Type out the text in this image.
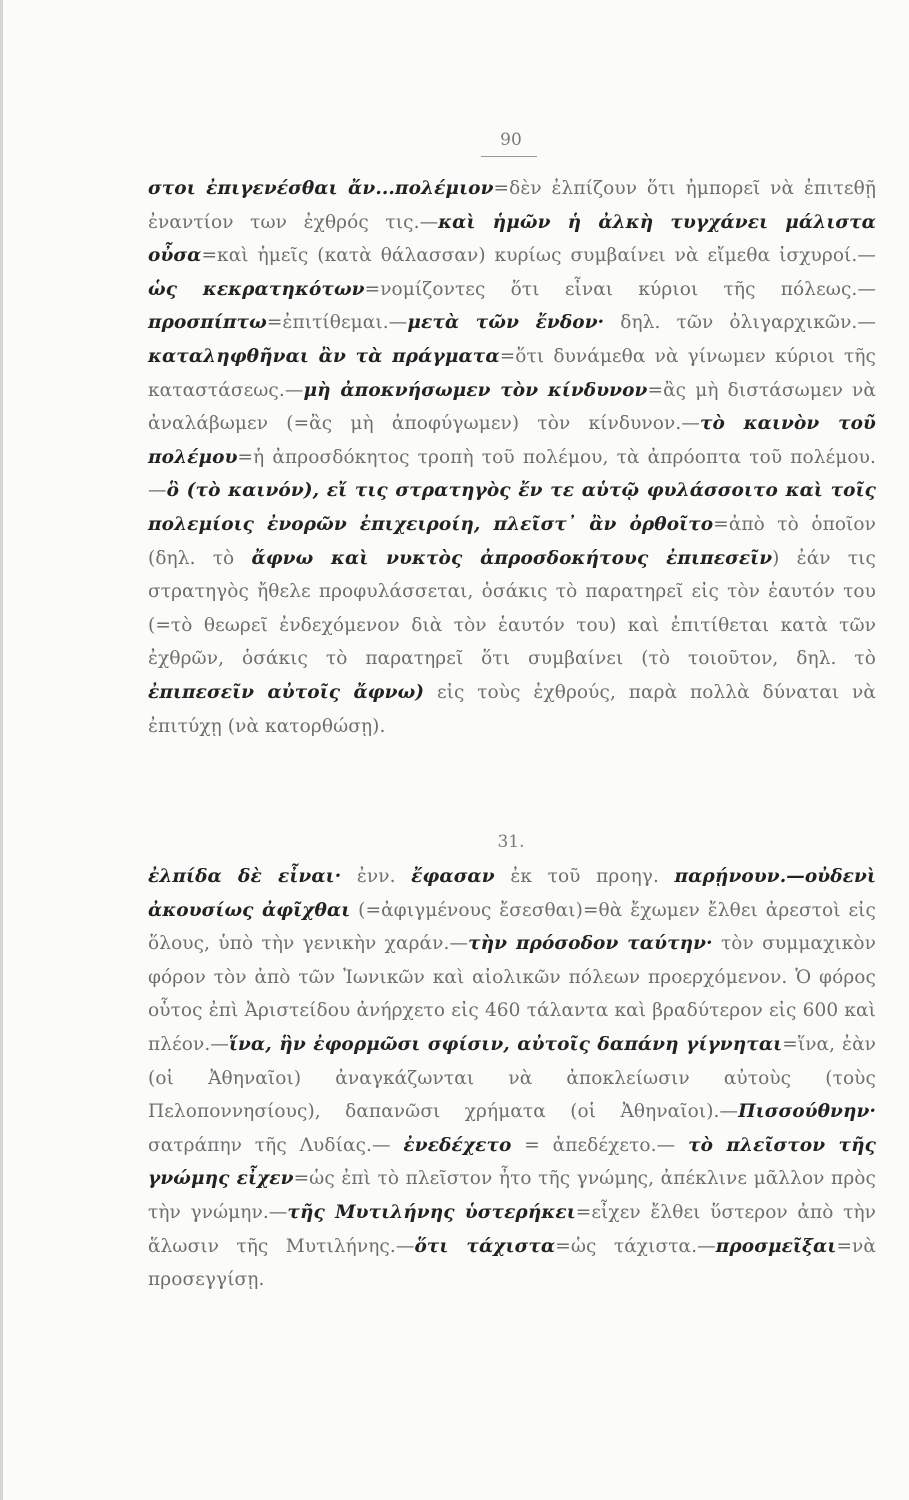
90
στοι ἐπιγενέσθαι ἄν...πολέμιον=δὲν ἐλπίζουν ὅτι ἠμπορεῖ νὰ ἐπιτεθῇ ἐναντίον των ἐχθρός τις.—καὶ ἡμῶν ἡ ἀλκὴ τυγχάνει μάλιστα οὖσα=καὶ ἡμεῖς (κατὰ θάλασσαν) κυρίως συμβαίνει νὰ εἴμεθα ἰσχυροί.—ὡς κεκρατηκότων=νομίζοντες ὅτι εἶναι κύριοι τῆς πόλεως.—προσπίπτω=ἐπιτίθεμαι.—μετὰ τῶν ἔνδον· δηλ. τῶν ὀλιγαρχικῶν.—καταληφθῆναι ἂν τὰ πράγματα=ὅτι δυνάμεθα νὰ γίνωμεν κύριοι τῆς καταστάσεως.—μὴ ἀποκνήσωμεν τὸν κίνδυνον=ἂς μὴ διστάσωμεν νὰ ἀναλάβωμεν (=ἂς μὴ ἀποφύγωμεν) τὸν κίνδυνον.—τὸ καινὸν τοῦ πολέμου=ἡ ἀπροσδόκητος τροπὴ τοῦ πολέμου, τὰ ἀπρόοπτα τοῦ πολέμου.—ὃ (τὸ καινόν), εἴ τις στρατηγὸς ἔν τε αὑτῷ φυλάσσοιτο καὶ τοῖς πολεμίοις ἐνορῶν ἐπιχειροίη, πλεῖστ᾽ ἂν ὀρθοῖτο=ἀπὸ τὸ ὁποῖον (δηλ. τὸ ἄφνω καὶ νυκτὸς ἀπροσδοκήτους ἐπιπεσεῖν) ἐάν τις στρατηγὸς ἤθελε προφυλάσσεται, ὁσάκις τὸ παρατηρεῖ εἰς τὸν ἑαυτόν του (=τὸ θεωρεῖ ἐνδεχόμενον διὰ τὸν ἑαυτόν του) καὶ ἐπιτίθεται κατὰ τῶν ἐχθρῶν, ὁσάκις τὸ παρατηρεῖ ὅτι συμβαίνει (τὸ τοιοῦτον, δηλ. τὸ ἐπιπεσεῖν αὐτοῖς ἄφνω) εἰς τοὺς ἐχθρούς, παρὰ πολλὰ δύναται νὰ ἐπιτύχῃ (νὰ κατορθώσῃ).
31.
ἐλπίδα δὲ εἶναι· ἐνν. ἔφασαν ἐκ τοῦ προηγ. παρῄνουν.—οὐδενὶ ἀκουσίως ἀφῖχθαι (=ἀφιγμένους ἔσεσθαι)=θὰ ἔχωμεν ἔλθει ἀρεστοὶ εἰς ὅλους, ὑπὸ τὴν γενικὴν χαράν.—τὴν πρόσοδον ταύτην· τὸν συμμαχικὸν φόρον τὸν ἀπὸ τῶν Ἰωνικῶν καὶ αἰολικῶν πόλεων προερχόμενον. Ὁ φόρος οὗτος ἐπὶ Ἀριστείδου ἀνήρχετο εἰς 460 τάλαντα καὶ βραδύτερον εἰς 600 καὶ πλέον.—ἵνα, ἣν ἐφορμῶσι σφίσιν, αὐτοῖς δαπάνη γίγνηται=ἵνα, ἐὰν (οἱ Ἀθηναῖοι) ἀναγκάζωνται νὰ ἀποκλείωσιν αὐτοὺς (τοὺς Πελοποννησίους), δαπανῶσι χρήματα (οἱ Ἀθηναῖοι).—Πισσούθνην· σατράπην τῆς Λυδίας.— ἐνεδέχετο = ἀπεδέχετο.— τὸ πλεῖστον τῆς γνώμης εἶχεν=ὡς ἐπὶ τὸ πλεῖστον ἦτο τῆς γνώμης, ἀπέκλινε μᾶλλον πρὸς τὴν γνώμην.—τῆς Μυτιλήνης ὑστερήκει=εἶχεν ἔλθει ὕστερον ἀπὸ τὴν ἅλωσιν τῆς Μυτιλήνης.—ὅτι τάχιστα=ὡς τάχιστα.—προσμεῖξαι=νὰ προσεγγίσῃ.
